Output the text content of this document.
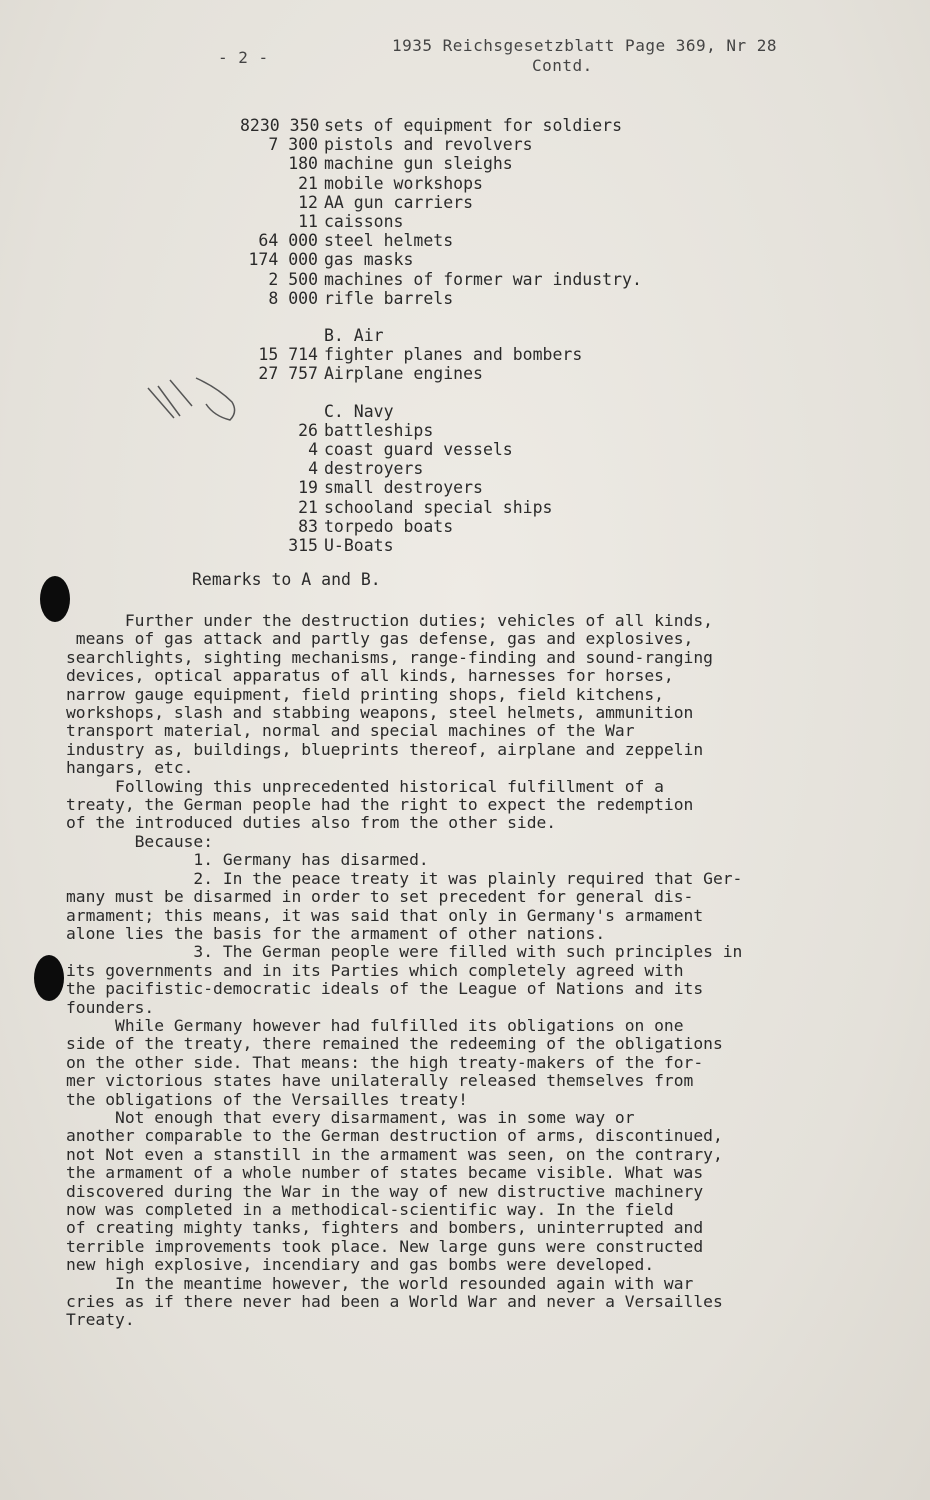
- 2 -
1935 Reichsgesetzblatt Page 369, Nr 28
Contd.
8230 350 sets of equipment for soldiers
7 300 pistols and revolvers
180 machine gun sleighs
21 mobile workshops
12 AA gun carriers
11 caissons
64 000 steel helmets
174 000 gas masks
2 500 machines of former war industry.
8 000 rifle barrels
B. Air
15 714 fighter planes and bombers
27 757 Airplane engines
C. Navy
26 battleships
4 coast guard vessels
4 destroyers
19 small destroyers
21 schooland special ships
83 torpedo boats
315 U-Boats
Remarks to A and B.
Further under the destruction duties; vehicles of all kinds,
means of gas attack and partly gas defense, gas and explosives,
searchlights, sighting mechanisms, range-finding and sound-ranging
devices, optical apparatus of all kinds, harnesses for horses,
narrow gauge equipment, field printing shops, field kitchens,
workshops, slash and stabbing weapons, steel helmets, ammunition
transport material, normal and special machines of the War
industry as, buildings, blueprints thereof, airplane and zeppelin
hangars, etc.
Following this unprecedented historical fulfillment of a
treaty, the German people had the right to expect the redemption
of the introduced duties also from the other side.
Because:
1. Germany has disarmed.
2. In the peace treaty it was plainly required that Ger-
many must be disarmed in order to set precedent for general dis-
armament; this means, it was said that only in Germany's armament
alone lies the basis for the armament of other nations.
3. The German people were filled with such principles in
its governments and in its Parties which completely agreed with
the pacifistic-democratic ideals of the League of Nations and its
founders.
While Germany however had fulfilled its obligations on one
side of the treaty, there remained the redeeming of the obligations
on the other side. That means: the high treaty-makers of the for-
mer victorious states have unilaterally released themselves from
the obligations of the Versailles treaty!
Not enough that every disarmament, was in some way or
another comparable to the German destruction of arms, discontinued,
not Not even a stanstill in the armament was seen, on the contrary,
the armament of a whole number of states became visible. What was
discovered during the War in the way of new distructive machinery
now was completed in a methodical-scientific way. In the field
of creating mighty tanks, fighters and bombers, uninterrupted and
terrible improvements took place. New large guns were constructed
new high explosive, incendiary and gas bombs were developed.
In the meantime however, the world resounded again with war
cries as if there never had been a World War and never a Versailles
Treaty.
